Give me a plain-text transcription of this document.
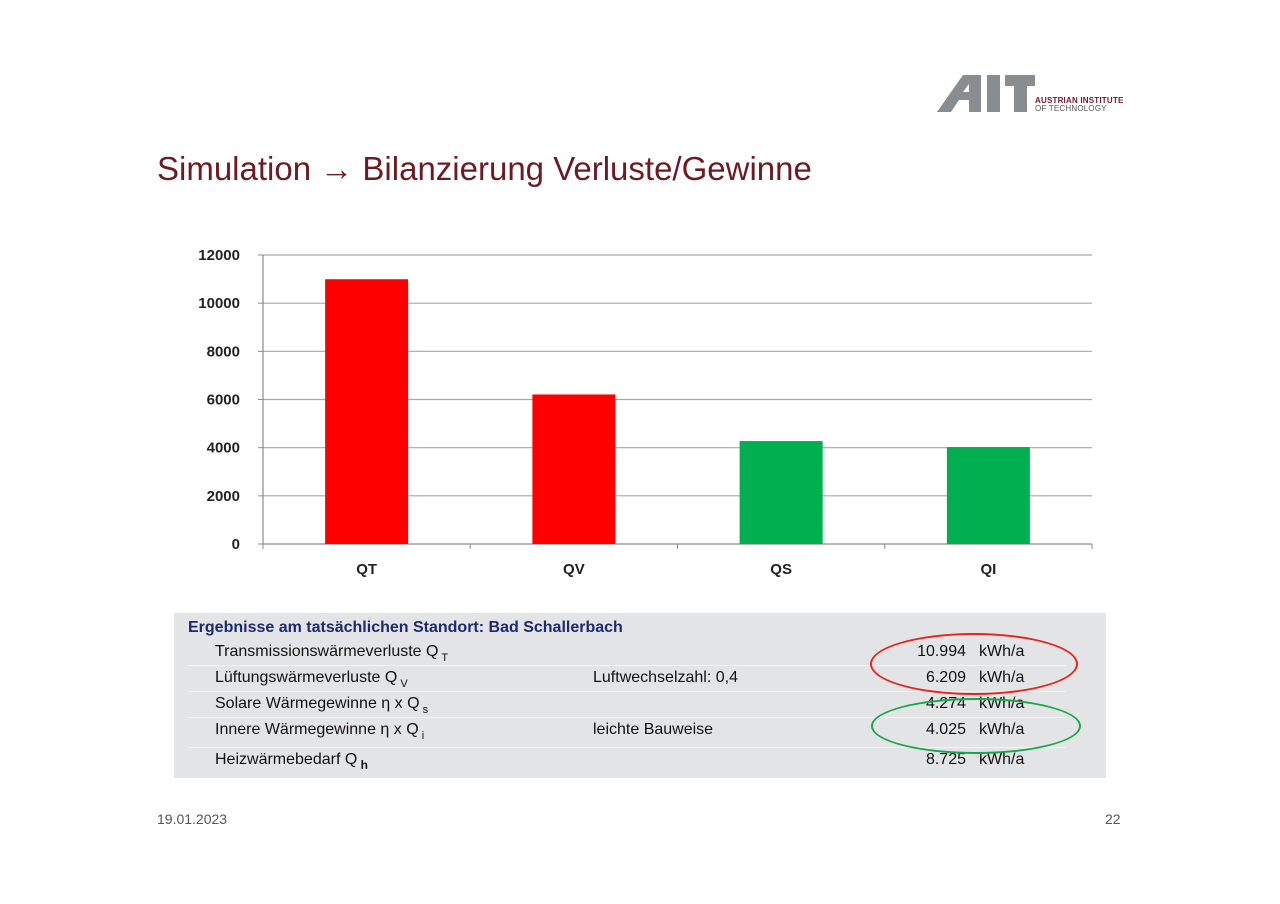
AUSTRIAN INSTITUTE
OF TECHNOLOGY
Simulation → Bilanzierung Verluste/Gewinne
0
2000
4000
6000
8000
10000
12000
QT	QV	QS	QI
Ergebnisse am tatsächlichen Standort: Bad Schallerbach
Transmissionswärmeverluste Q $_T$	10.994 kWh/a
Lüftungswärmeverluste Q $_V$	Luftwechselzahl: 0,4	6.209 kWh/a
Solare Wärmegewinne η x Q $_s$	4.274 kWh/a
Innere Wärmegewinne η x Q $_i$	leichte Bauweise	4.025 kWh/a
Heizwärmebedarf Q $_h$	8.725 kWh/a
19.01.2023	22
